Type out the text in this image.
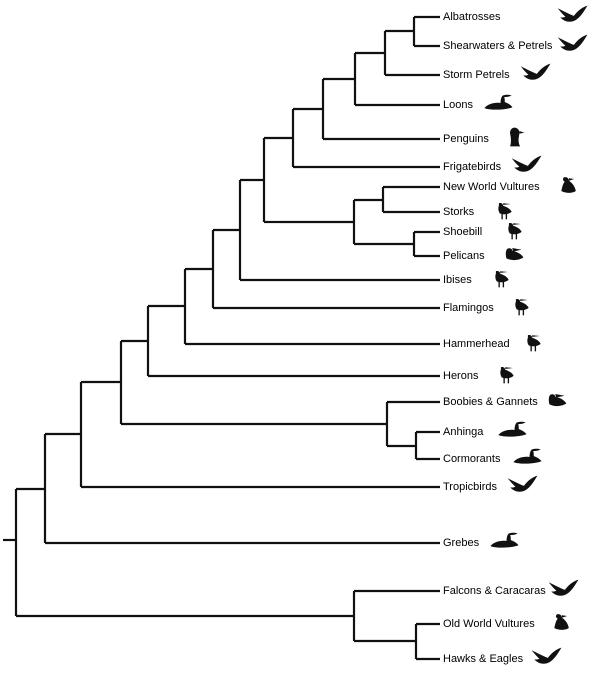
Albatrosses
Shearwaters & Petrels
Storm Petrels
Loons
Penguins
Frigatebirds
New World Vultures
Storks
Shoebill
Pelicans
Ibises
Flamingos
Hammerhead
Herons
Boobies & Gannets
Anhinga
Cormorants
Tropicbirds
Grebes
Falcons & Caracaras
Old World Vultures
Hawks & Eagles
